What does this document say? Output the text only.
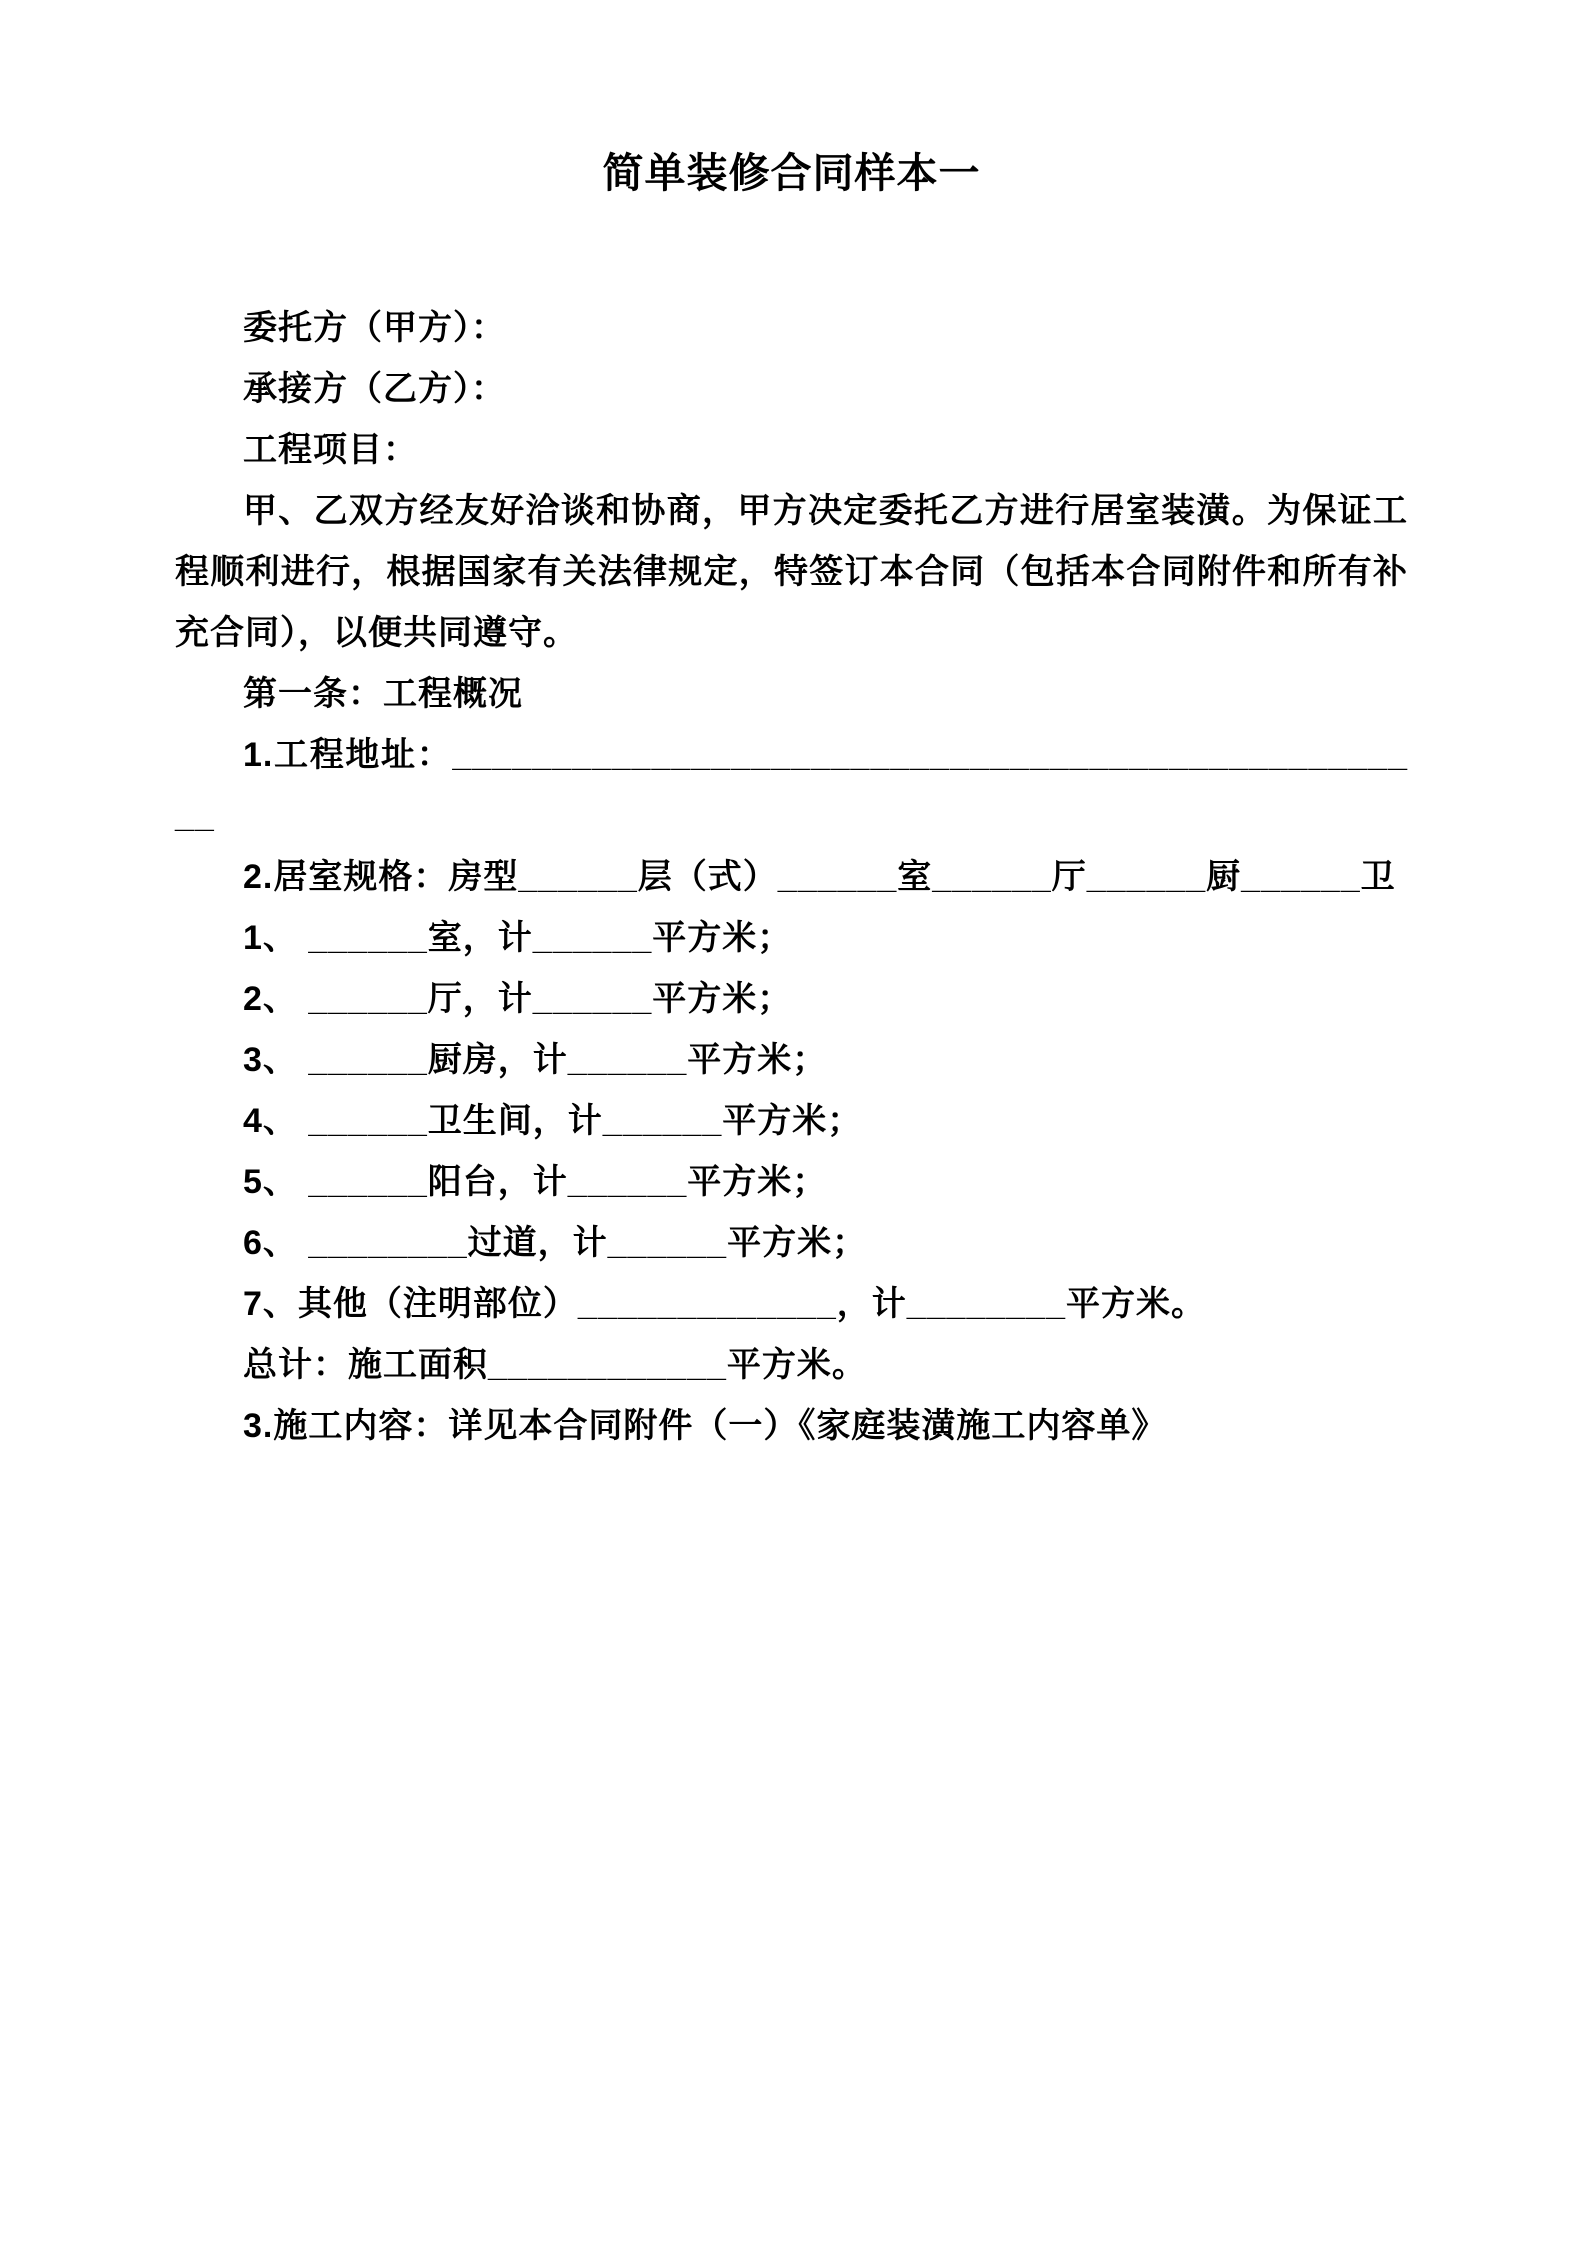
简单装修合同样本一

委托方（甲方）：

承接方（乙方）：

工程项目：

甲、乙双方经友好洽谈和协商，甲方决定委托乙方进行居室装潢。为保证工程顺利进行，根据国家有关法律规定，特签订本合同（包括本合同附件和所有补充合同），以便共同遵守。

第一条：工程概况

1.工程地址：__________________________________________________

2.居室规格：房型______层（式）______室______厅______厨______卫

1、 ______室，计______平方米；

2、 ______厅，计______平方米；

3、 ______厨房，计______平方米；

4、 ______卫生间，计______平方米；

5、 ______阳台，计______平方米；

6、 ________过道，计______平方米；

7、其他（注明部位）_____________，计________平方米。

总计：施工面积____________平方米。

3.施工内容：详见本合同附件（一）《家庭装潢施工内容单》
